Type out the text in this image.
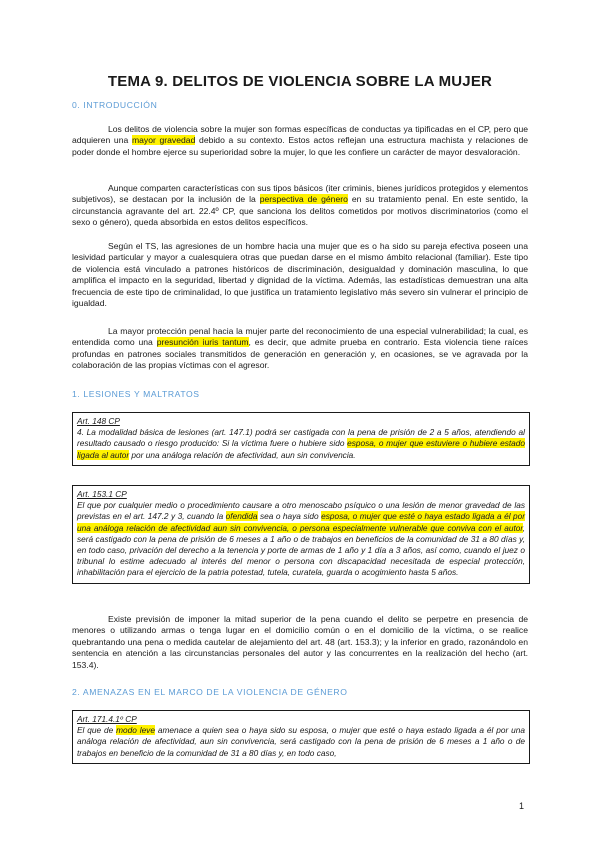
TEMA 9. DELITOS DE VIOLENCIA SOBRE LA MUJER
0. INTRODUCCIÓN

Los delitos de violencia sobre la mujer son formas específicas de conductas ya tipificadas en el CP, pero que adquieren una mayor gravedad debido a su contexto. Estos actos reflejan una estructura machista y relaciones de poder donde el hombre ejerce su superioridad sobre la mujer, lo que les confiere un carácter de mayor desvaloración.

Aunque comparten características con sus tipos básicos (iter criminis, bienes jurídicos protegidos y elementos subjetivos), se destacan por la inclusión de la perspectiva de género en su tratamiento penal. En este sentido, la circunstancia agravante del art. 22.4º CP, que sanciona los delitos cometidos por motivos discriminatorios (como el sexo o género), queda absorbida en estos delitos específicos.

Según el TS, las agresiones de un hombre hacia una mujer que es o ha sido su pareja efectiva poseen una lesividad particular y mayor a cualesquiera otras que puedan darse en el mismo ámbito relacional (familiar). Este tipo de violencia está vinculado a patrones históricos de discriminación, desigualdad y dominación masculina, lo que amplifica el impacto en la seguridad, libertad y dignidad de la víctima. Además, las estadísticas demuestran una alta frecuencia de este tipo de criminalidad, lo que justifica un tratamiento legislativo más severo sin vulnerar el principio de igualdad.

La mayor protección penal hacia la mujer parte del reconocimiento de una especial vulnerabilidad; la cual, es entendida como una presunción iuris tantum, es decir, que admite prueba en contrario. Esta violencia tiene raíces profundas en patrones sociales transmitidos de generación en generación y, en ocasiones, se ve agravada por la colaboración de las propias víctimas con el agresor.

1. LESIONES Y MALTRATOS
Art. 148 CP
4. La modalidad básica de lesiones (art. 147.1) podrá ser castigada con la pena de prisión de 2 a 5 años, atendiendo al resultado causado o riesgo producido: Si la víctima fuere o hubiere sido esposa, o mujer que estuviere o hubiere estado ligada al autor por una análoga relación de afectividad, aun sin convivencia.
Art. 153.1 CP
El que por cualquier medio o procedimiento causare a otro menoscabo psíquico o una lesión de menor gravedad de las previstas en el art. 147.2 y 3, cuando la ofendida sea o haya sido esposa, o mujer que esté o haya estado ligada a él por una análoga relación de afectividad aun sin convivencia, o persona especialmente vulnerable que conviva con el autor, será castigado con la pena de prisión de 6 meses a 1 año o de trabajos en beneficios de la comunidad de 31 a 80 días y, en todo caso, privación del derecho a la tenencia y porte de armas de 1 año y 1 día a 3 años, así como, cuando el juez o tribunal lo estime adecuado al interés del menor o persona con discapacidad necesitada de especial protección, inhabilitación para el ejercicio de la patria potestad, tutela, curatela, guarda o acogimiento hasta 5 años.

Existe previsión de imponer la mitad superior de la pena cuando el delito se perpetre en presencia de menores o utilizando armas o tenga lugar en el domicilio común o en el domicilio de la víctima, o se realice quebrantando una pena o medida cautelar de alejamiento del art. 48 (art. 153.3); y la inferior en grado, razonándolo en sentencia en atención a las circunstancias personales del autor y las concurrentes en la realización del hecho (art. 153.4).

2. AMENAZAS EN EL MARCO DE LA VIOLENCIA DE GÉNERO
Art. 171.4.1º CP
El que de modo leve amenace a quien sea o haya sido su esposa, o mujer que esté o haya estado ligada a él por una análoga relación de afectividad, aun sin convivencia, será castigado con la pena de prisión de 6 meses a 1 año o de trabajos en beneficio de la comunidad de 31 a 80 días y, en todo caso,
1
